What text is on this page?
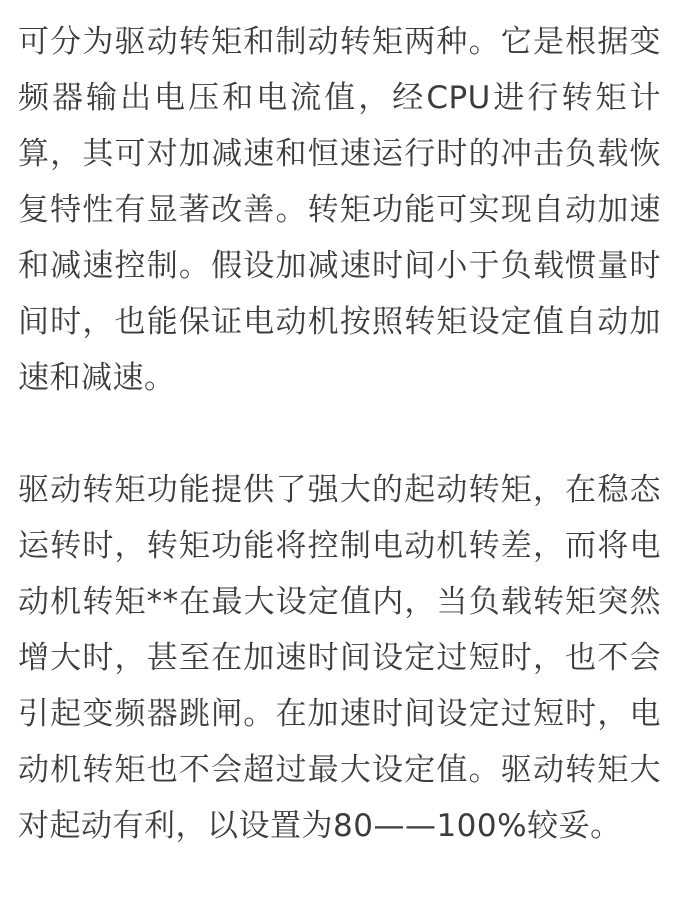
可分为驱动转矩和制动转矩两种。它是根据变频器输出电压和电流值，经CPU进行转矩计算，其可对加减速和恒速运行时的冲击负载恢复特性有显著改善。转矩功能可实现自动加速和减速控制。假设加减速时间小于负载惯量时间时，也能保证电动机按照转矩设定值自动加速和减速。

驱动转矩功能提供了强大的起动转矩，在稳态运转时，转矩功能将控制电动机转差，而将电动机转矩**在最大设定值内，当负载转矩突然增大时，甚至在加速时间设定过短时，也不会引起变频器跳闸。在加速时间设定过短时，电动机转矩也不会超过最大设定值。驱动转矩大对起动有利，以设置为80——100%较妥。
